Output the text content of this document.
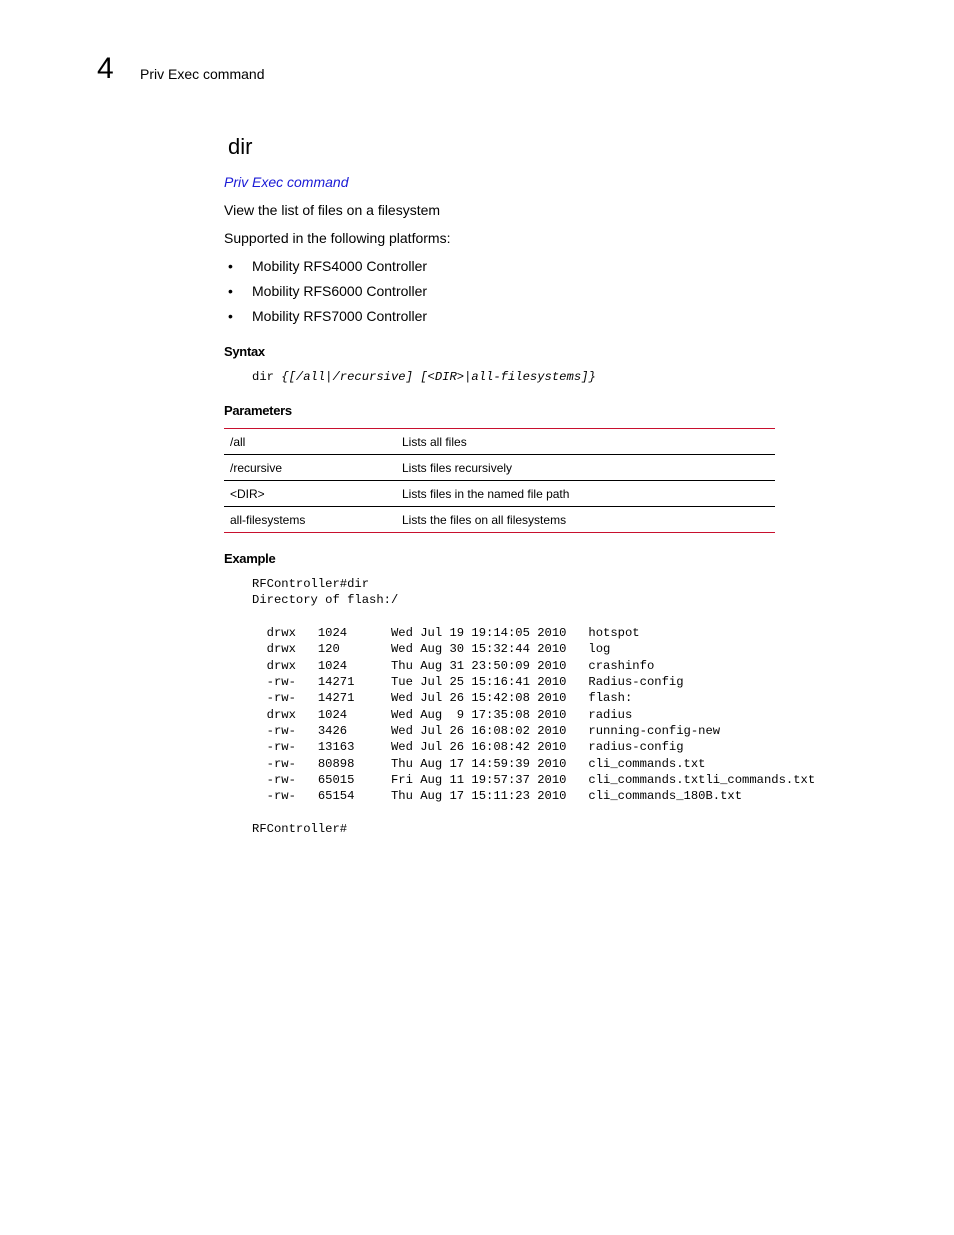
4 Priv Exec command
dir
Priv Exec command
View the list of files on a filesystem
Supported in the following platforms:
• Mobility RFS4000 Controller
• Mobility RFS6000 Controller
• Mobility RFS7000 Controller
Syntax
dir {[/all|/recursive] [<DIR>|all-filesystems]}
Parameters
/all	Lists all files
/recursive	Lists files recursively
<DIR>	Lists files in the named file path
all-filesystems	Lists the files on all filesystems
Example
RFController#dir
Directory of flash:/

drwx   1024      Wed Jul 19 19:14:05 2010   hotspot
drwx   120       Wed Aug 30 15:32:44 2010   log
drwx   1024      Thu Aug 31 23:50:09 2010   crashinfo
-rw-   14271     Tue Jul 25 15:16:41 2010   Radius-config
-rw-   14271     Wed Jul 26 15:42:08 2010   flash:
drwx   1024      Wed Aug  9 17:35:08 2010   radius
-rw-   3426      Wed Jul 26 16:08:02 2010   running-config-new
-rw-   13163     Wed Jul 26 16:08:42 2010   radius-config
-rw-   80898     Thu Aug 17 14:59:39 2010   cli_commands.txt
-rw-   65015     Fri Aug 11 19:57:37 2010   cli_commands.txtli_commands.txt
-rw-   65154     Thu Aug 17 15:11:23 2010   cli_commands_180B.txt

RFController#
